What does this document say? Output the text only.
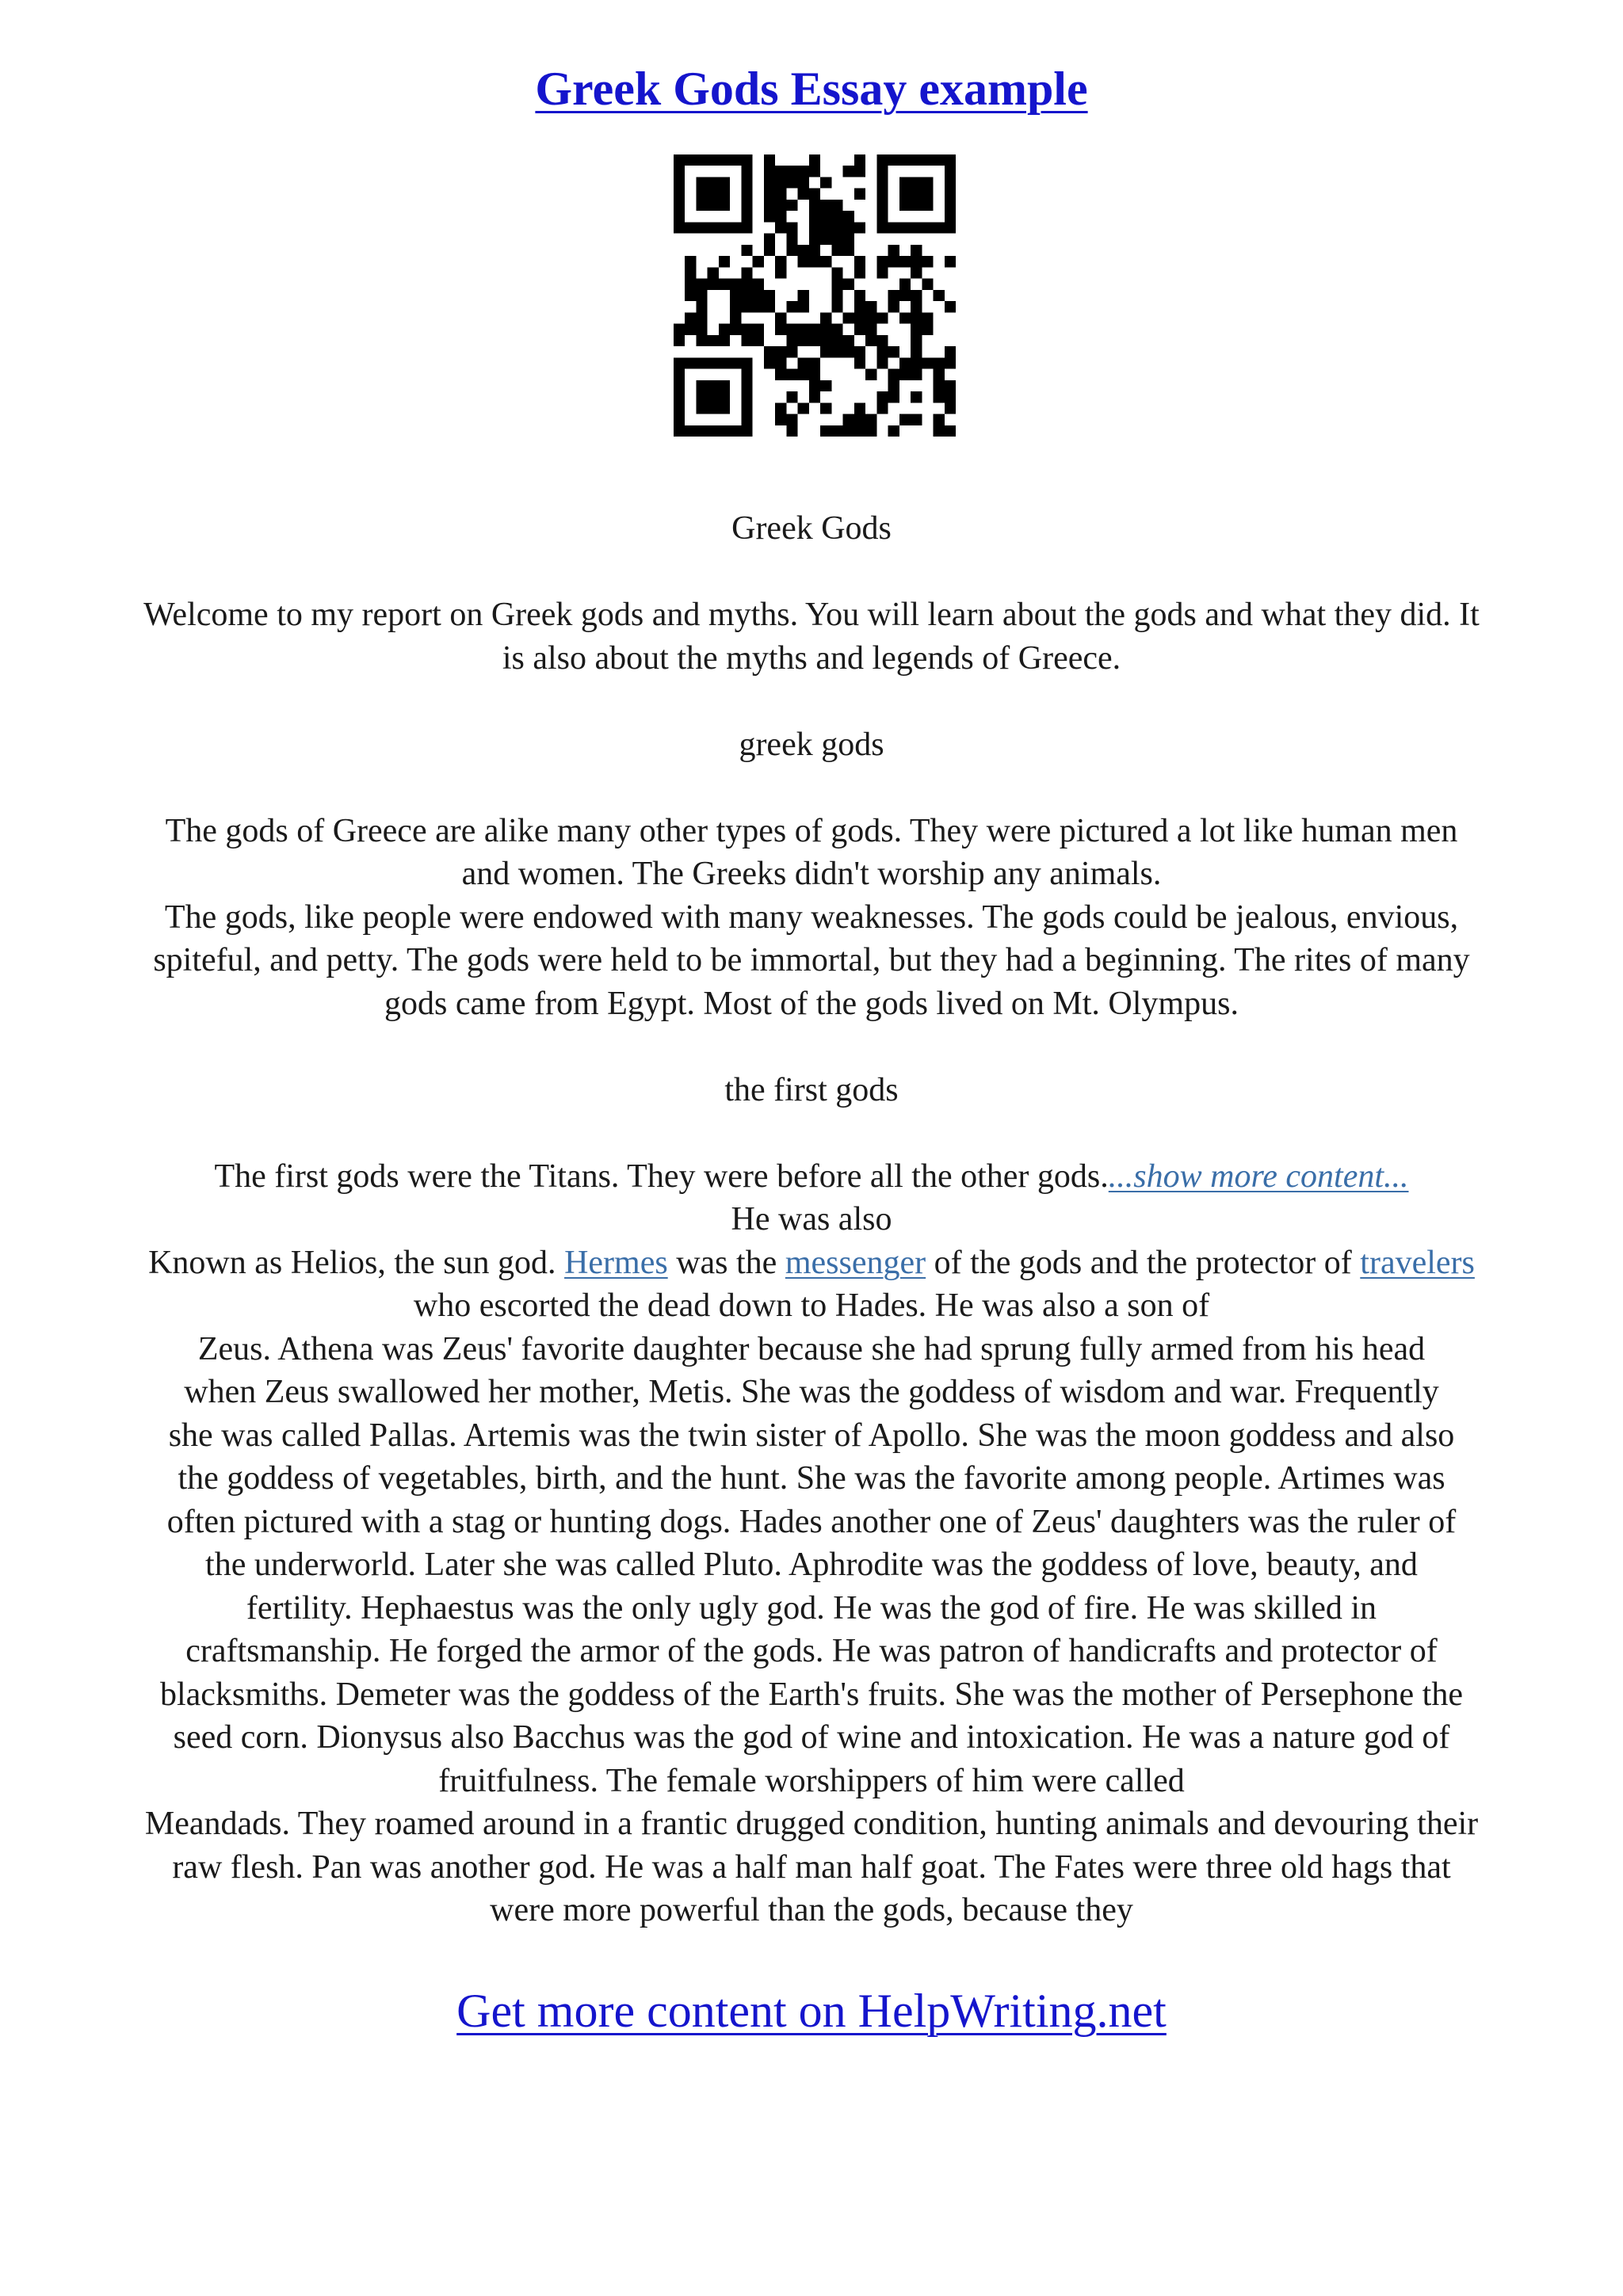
Greek Gods Essay example
Greek Gods
Welcome to my report on Greek gods and myths. You will learn about the gods and what they did. It
is also about the myths and legends of Greece.
greek gods
The gods of Greece are alike many other types of gods. They were pictured a lot like human men
and women. The Greeks didn't worship any animals.
The gods, like people were endowed with many weaknesses. The gods could be jealous, envious,
spiteful, and petty. The gods were held to be immortal, but they had a beginning. The rites of many
gods came from Egypt. Most of the gods lived on Mt. Olympus.
the first gods
The first gods were the Titans. They were before all the other gods....show more content...
He was also
Known as Helios, the sun god. Hermes was the messenger of the gods and the protector of travelers
who escorted the dead down to Hades. He was also a son of
Zeus. Athena was Zeus' favorite daughter because she had sprung fully armed from his head
when Zeus swallowed her mother, Metis. She was the goddess of wisdom and war. Frequently
she was called Pallas. Artemis was the twin sister of Apollo. She was the moon goddess and also
the goddess of vegetables, birth, and the hunt. She was the favorite among people. Artimes was
often pictured with a stag or hunting dogs. Hades another one of Zeus' daughters was the ruler of
the underworld. Later she was called Pluto. Aphrodite was the goddess of love, beauty, and
fertility. Hephaestus was the only ugly god. He was the god of fire. He was skilled in
craftsmanship. He forged the armor of the gods. He was patron of handicrafts and protector of
blacksmiths. Demeter was the goddess of the Earth's fruits. She was the mother of Persephone the
seed corn. Dionysus also Bacchus was the god of wine and intoxication. He was a nature god of
fruitfulness. The female worshippers of him were called
Meandads. They roamed around in a frantic drugged condition, hunting animals and devouring their
raw flesh. Pan was another god. He was a half man half goat. The Fates were three old hags that
were more powerful than the gods, because they
Get more content on HelpWriting.net
